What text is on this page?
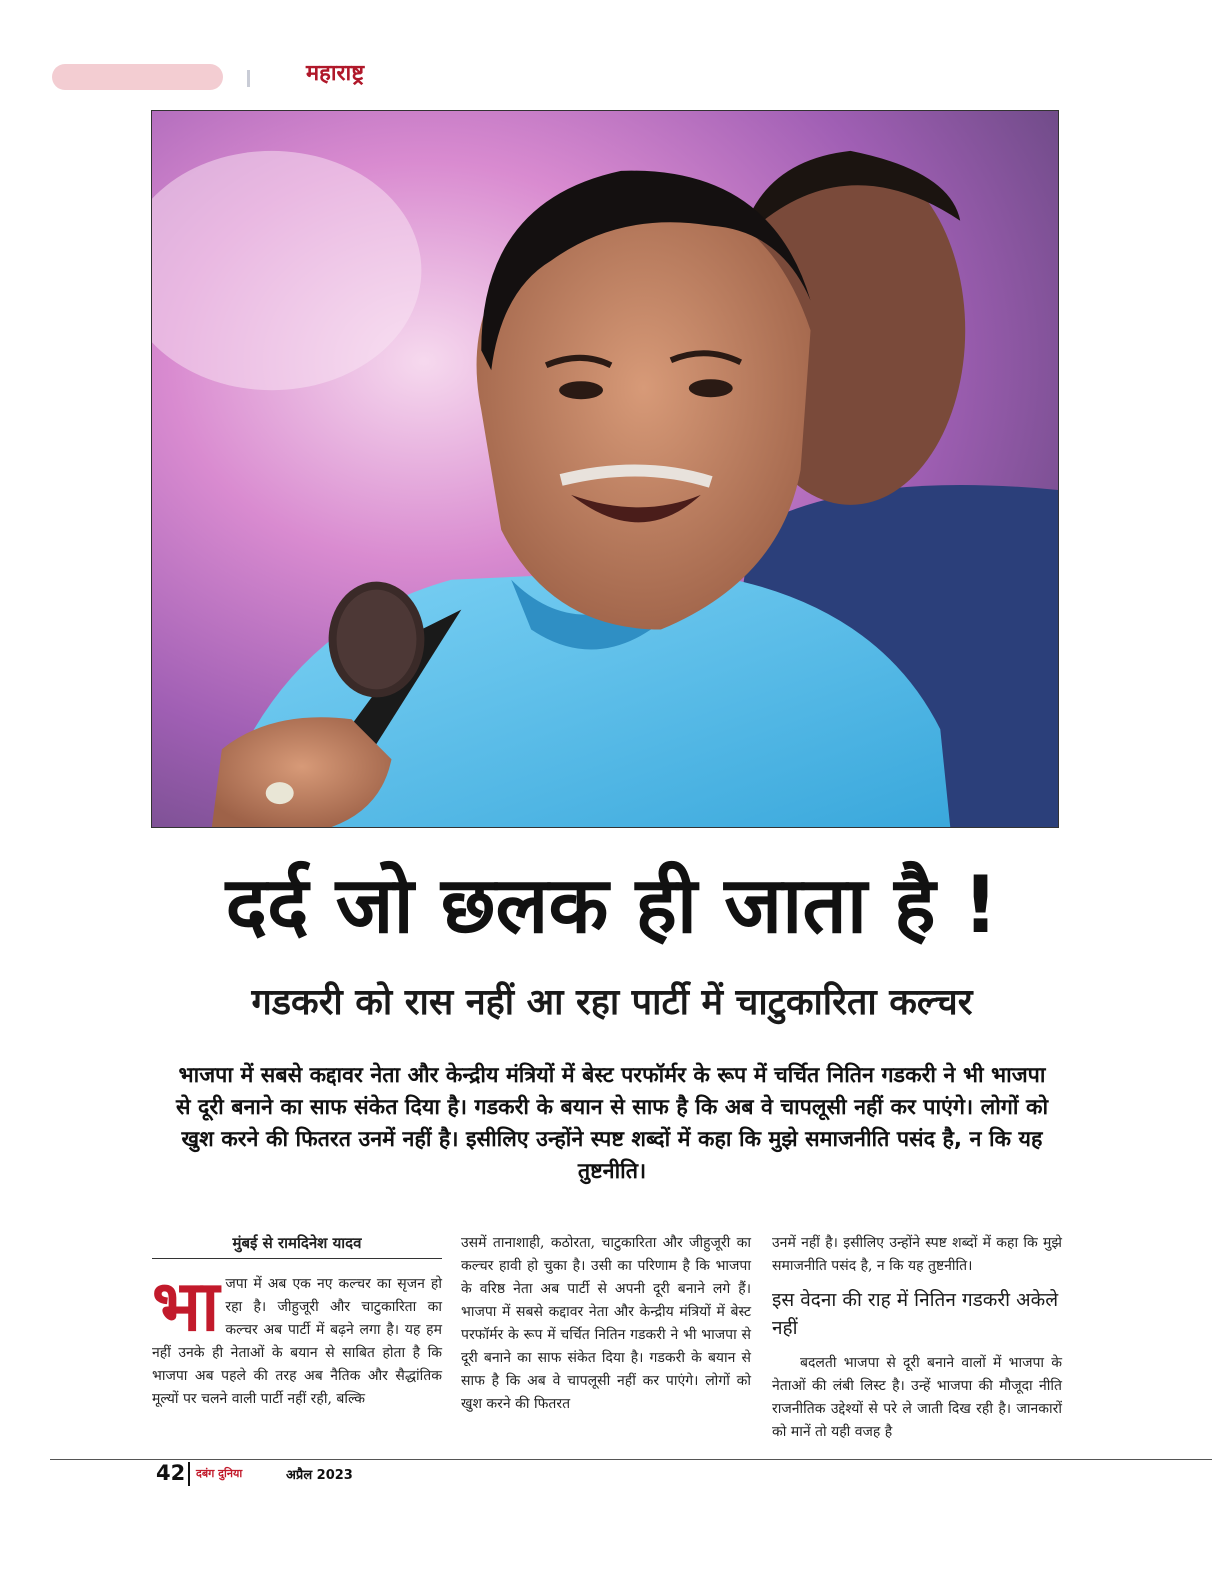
महाराष्ट्र
दर्द जो छलक ही जाता है !
गडकरी को रास नहीं आ रहा पार्टी में चाटुकारिता कल्चर
भाजपा में सबसे कद्दावर नेता और केन्द्रीय मंत्रियों में बेस्ट परफॉर्मर के रूप में चर्चित नितिन गडकरी ने भी भाजपा से दूरी बनाने का साफ संकेत दिया है। गडकरी के बयान से साफ है कि अब वे चापलूसी नहीं कर पाएंगे। लोगों को खुश करने की फितरत उनमें नहीं है। इसीलिए उन्होंने स्पष्ट शब्दों में कहा कि मुझे समाजनीति पसंद है, न कि यह तुष्टनीति।
मुंबई से रामदिनेश यादव
भा जपा में अब एक नए कल्चर का सृजन हो रहा है। जीहुजूरी और चाटुकारिता का कल्चर अब पार्टी में बढ़ने लगा है। यह हम नहीं उनके ही नेताओं के बयान से साबित होता है कि भाजपा अब पहले की तरह अब नैतिक और सैद्धांतिक मूल्यों पर चलने वाली पार्टी नहीं रही, बल्कि

उसमें तानाशाही, कठोरता, चाटुकारिता और जीहुजूरी का कल्चर हावी हो चुका है। उसी का परिणाम है कि भाजपा के वरिष्ठ नेता अब पार्टी से अपनी दूरी बनाने लगे हैं। भाजपा में सबसे कद्दावर नेता और केन्द्रीय मंत्रियों में बेस्ट परफॉर्मर के रूप में चर्चित नितिन गडकरी ने भी भाजपा से दूरी बनाने का साफ संकेत दिया है। गडकरी के बयान से साफ है कि अब वे चापलूसी नहीं कर पाएंगे। लोगों को खुश करने की फितरत

उनमें नहीं है। इसीलिए उन्होंने स्पष्ट शब्दों में कहा कि मुझे समाजनीति पसंद है, न कि यह तुष्टनीति।

इस वेदना की राह में नितिन गडकरी अकेले नहीं

बदलती भाजपा से दूरी बनाने वालों में भाजपा के नेताओं की लंबी लिस्ट है। उन्हें भाजपा की मौजूदा नीति राजनीतिक उद्देश्यों से परे ले जाती दिख रही है। जानकारों को मानें तो यही वजह है

42 दबंग दुनिया	अप्रैल 2023
